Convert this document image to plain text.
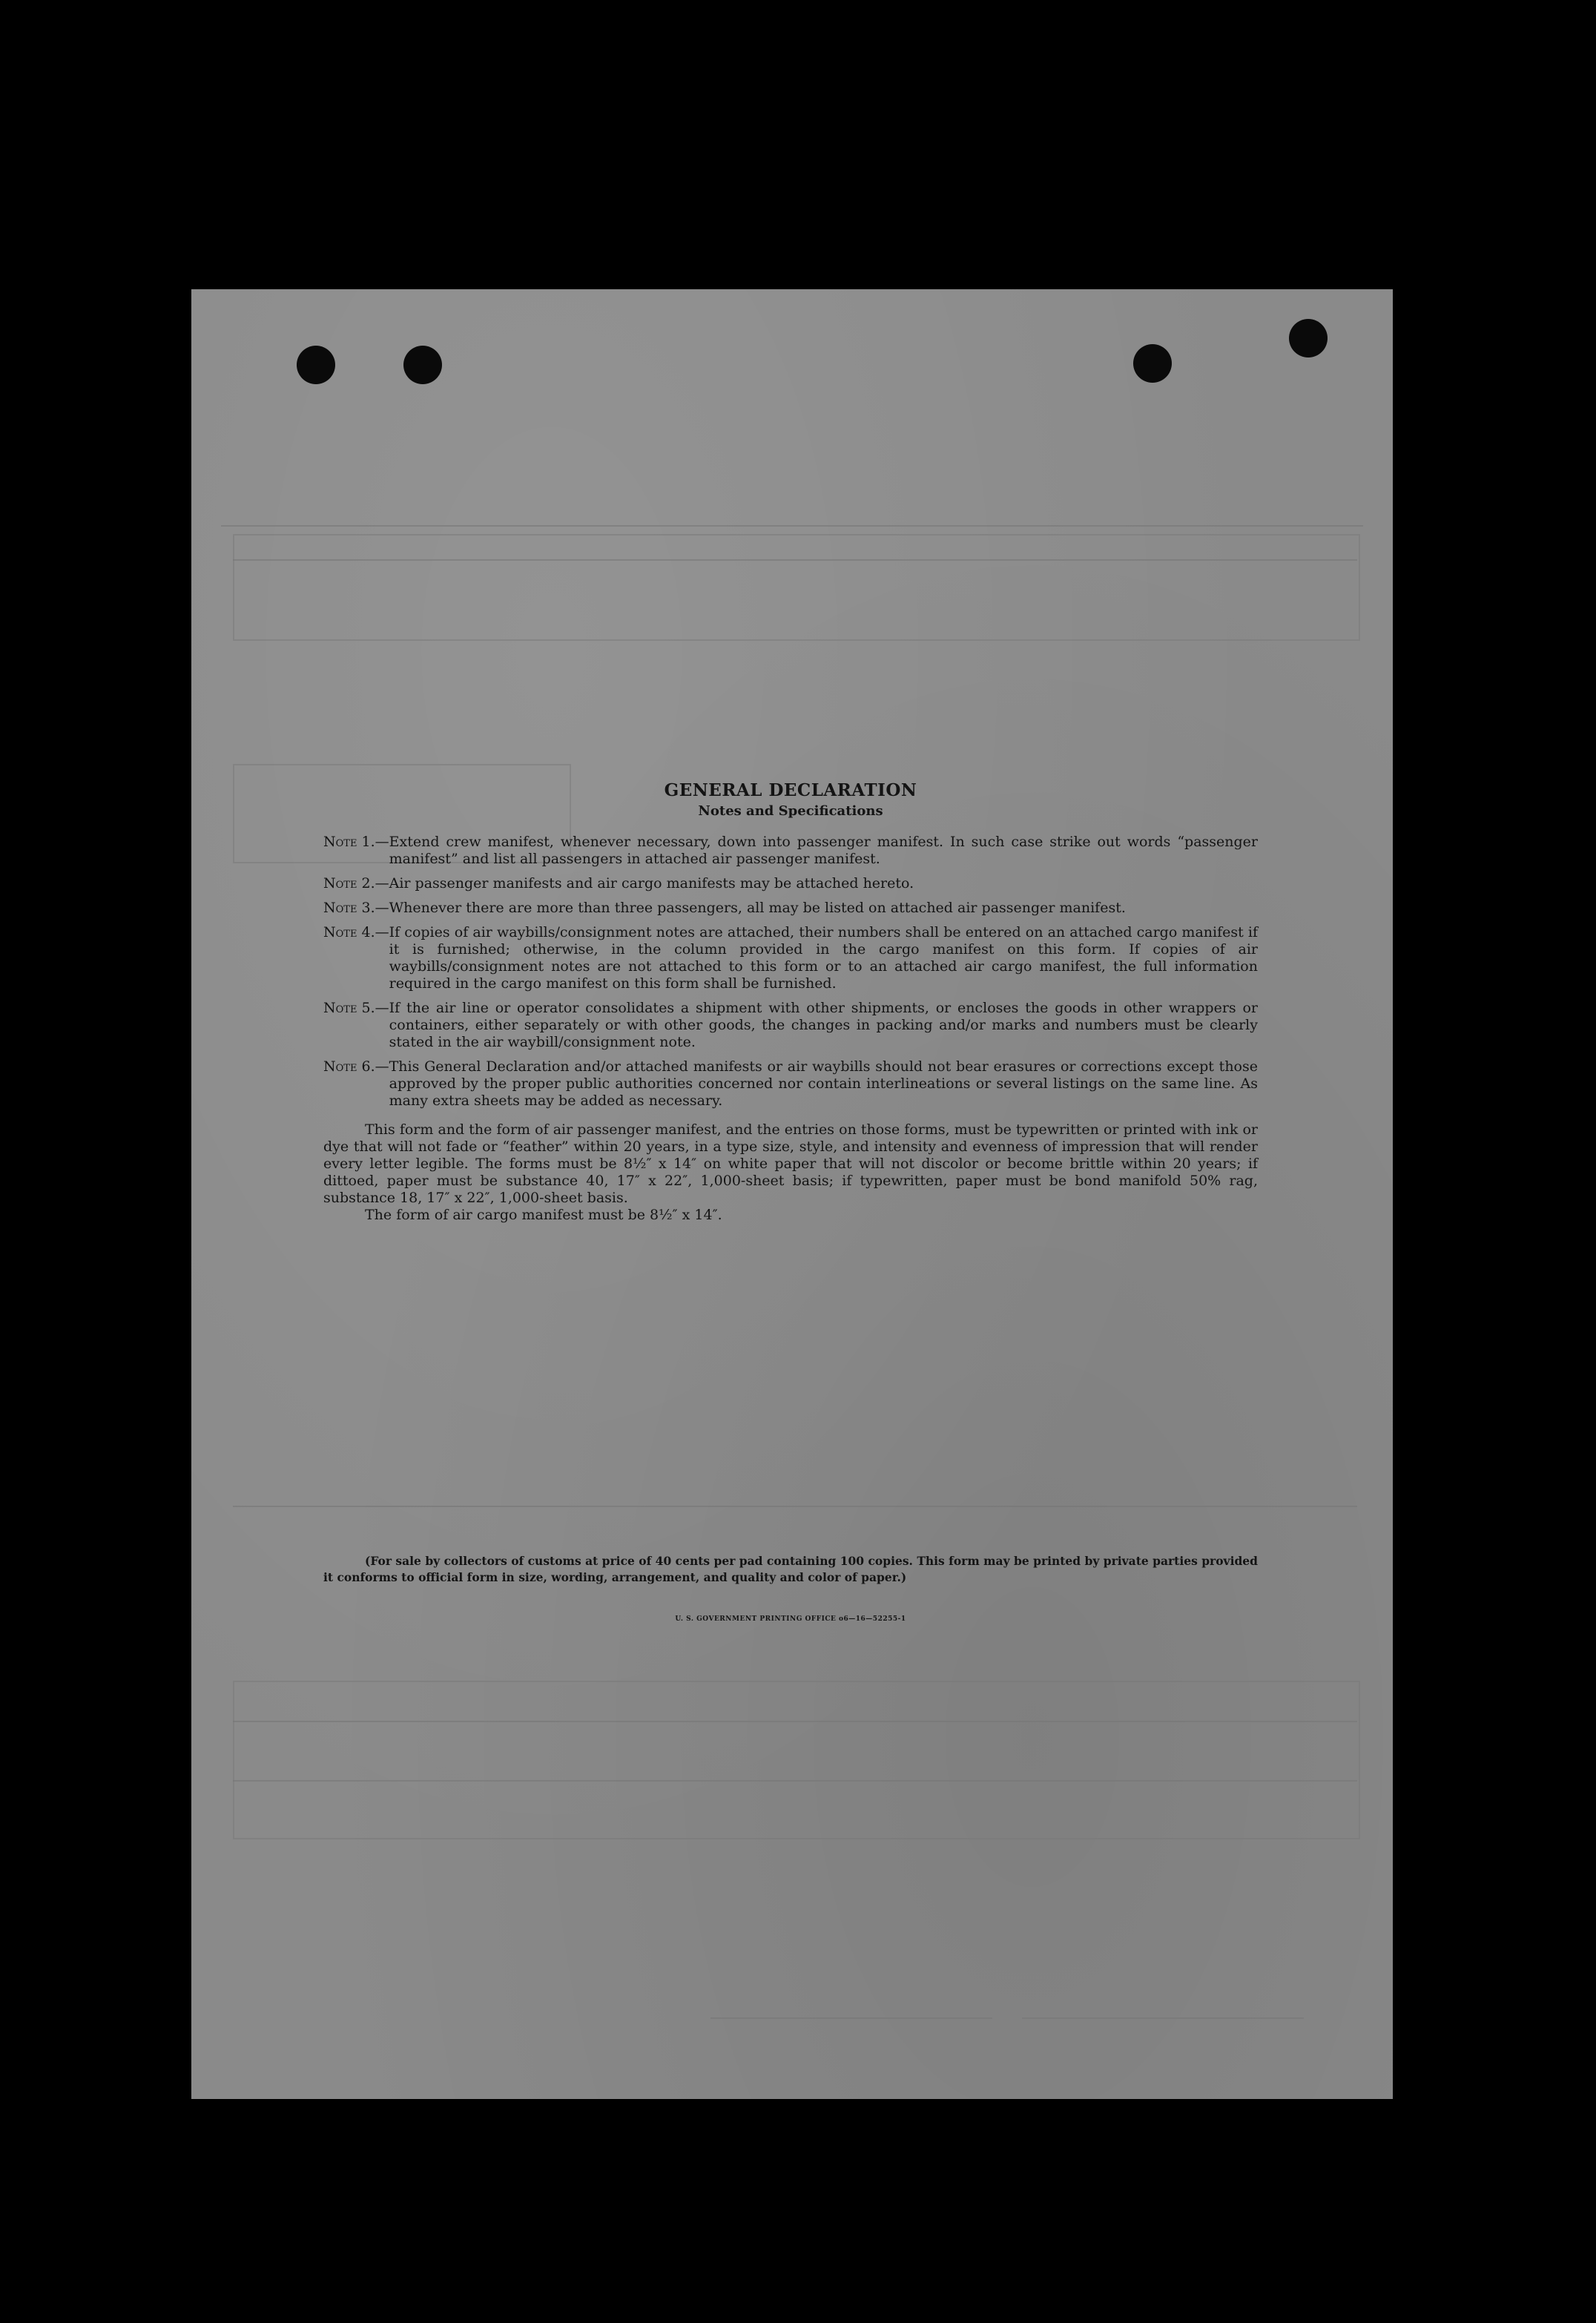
GENERAL DECLARATION

Notes and Specifications

Note 1.— Extend crew manifest, whenever necessary, down into passenger manifest. In such case strike out words “passenger manifest” and list all passengers in attached air passenger manifest.
Note 2.— Air passenger manifests and air cargo manifests may be attached hereto.
Note 3.— Whenever there are more than three passengers, all may be listed on attached air passenger manifest.
Note 4.— If copies of air waybills/consignment notes are attached, their numbers shall be entered on an attached cargo manifest if it is furnished; otherwise, in the column provided in the cargo manifest on this form. If copies of air waybills/consignment notes are not attached to this form or to an attached air cargo manifest, the full information required in the cargo manifest on this form shall be furnished.
Note 5.— If the air line or operator consolidates a shipment with other shipments, or encloses the goods in other wrappers or containers, either separately or with other goods, the changes in packing and/or marks and numbers must be clearly stated in the air waybill/consignment note.
Note 6.— This General Declaration and/or attached manifests or air waybills should not bear erasures or corrections except those approved by the proper public authorities concerned nor contain interlineations or several listings on the same line. As many extra sheets may be added as necessary.

This form and the form of air passenger manifest, and the entries on those forms, must be typewritten or printed with ink or dye that will not fade or “feather” within 20 years, in a type size, style, and intensity and evenness of impression that will render every letter legible. The forms must be 8½″ x 14″ on white paper that will not discolor or become brittle within 20 years; if dittoed, paper must be substance 40, 17″ x 22″, 1,000-sheet basis; if typewritten, paper must be bond manifold 50% rag, substance 18, 17″ x 22″, 1,000-sheet basis.

The form of air cargo manifest must be 8½″ x 14″.

(For sale by collectors of customs at price of 40 cents per pad containing 100 copies. This form may be printed by private parties provided it conforms to official form in size, wording, arrangement, and quality and color of paper.)
U. S. GOVERNMENT PRINTING OFFICE o6—16—52255-1
